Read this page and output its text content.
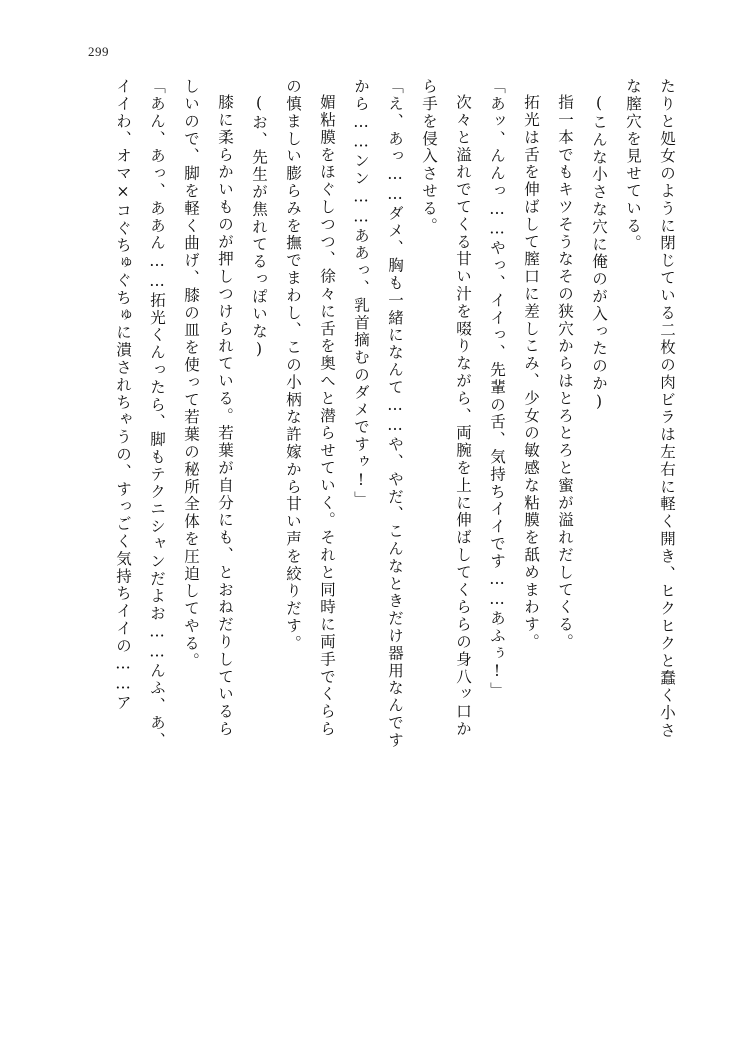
299
たりと処女のように閉じている二枚の肉ビラは左右に軽く開き、ヒクヒクと蠢く小さ
な膣穴を見せている。
(こんな小さな穴に俺のが入ったのか)
指一本でもキツそうなその狭穴からはとろとろと蜜が溢れだしてくる。
拓光は舌を伸ばして膣口に差しこみ、少女の敏感な粘膜を舐めまわす。
「あッ、んんっ……やっ、イイっ、先輩の舌、気持ちイイです……あふぅ!」
次々と溢れでてくる甘い汁を啜りながら、両腕を上に伸ばしてくららの身八ッ口か
ら手を侵入させる。
「え、あっ……ダメ、胸も一緒になんて……や、やだ、こんなときだけ器用なんです
から……ンン……ああっ、乳首摘むのダメですゥ!」
媚粘膜をほぐしつつ、徐々に舌を奥へと潜らせていく。それと同時に両手でくらら
の慎ましい膨らみを撫でまわし、この小柄な許嫁から甘い声を絞りだす。
(お、先生が焦れてるっぽいな)
膝に柔らかいものが押しつけられている。若葉が自分にも、とおねだりしているら
しいので、脚を軽く曲げ、膝の皿を使って若葉の秘所全体を圧迫してやる。
「あん、あっ、ああん……拓光くんったら、脚もテクニシャンだよお……んふ、あ、
イイわ、オマ×コぐちゅぐちゅに潰されちゃうの、すっごく気持ちイイの……ア
